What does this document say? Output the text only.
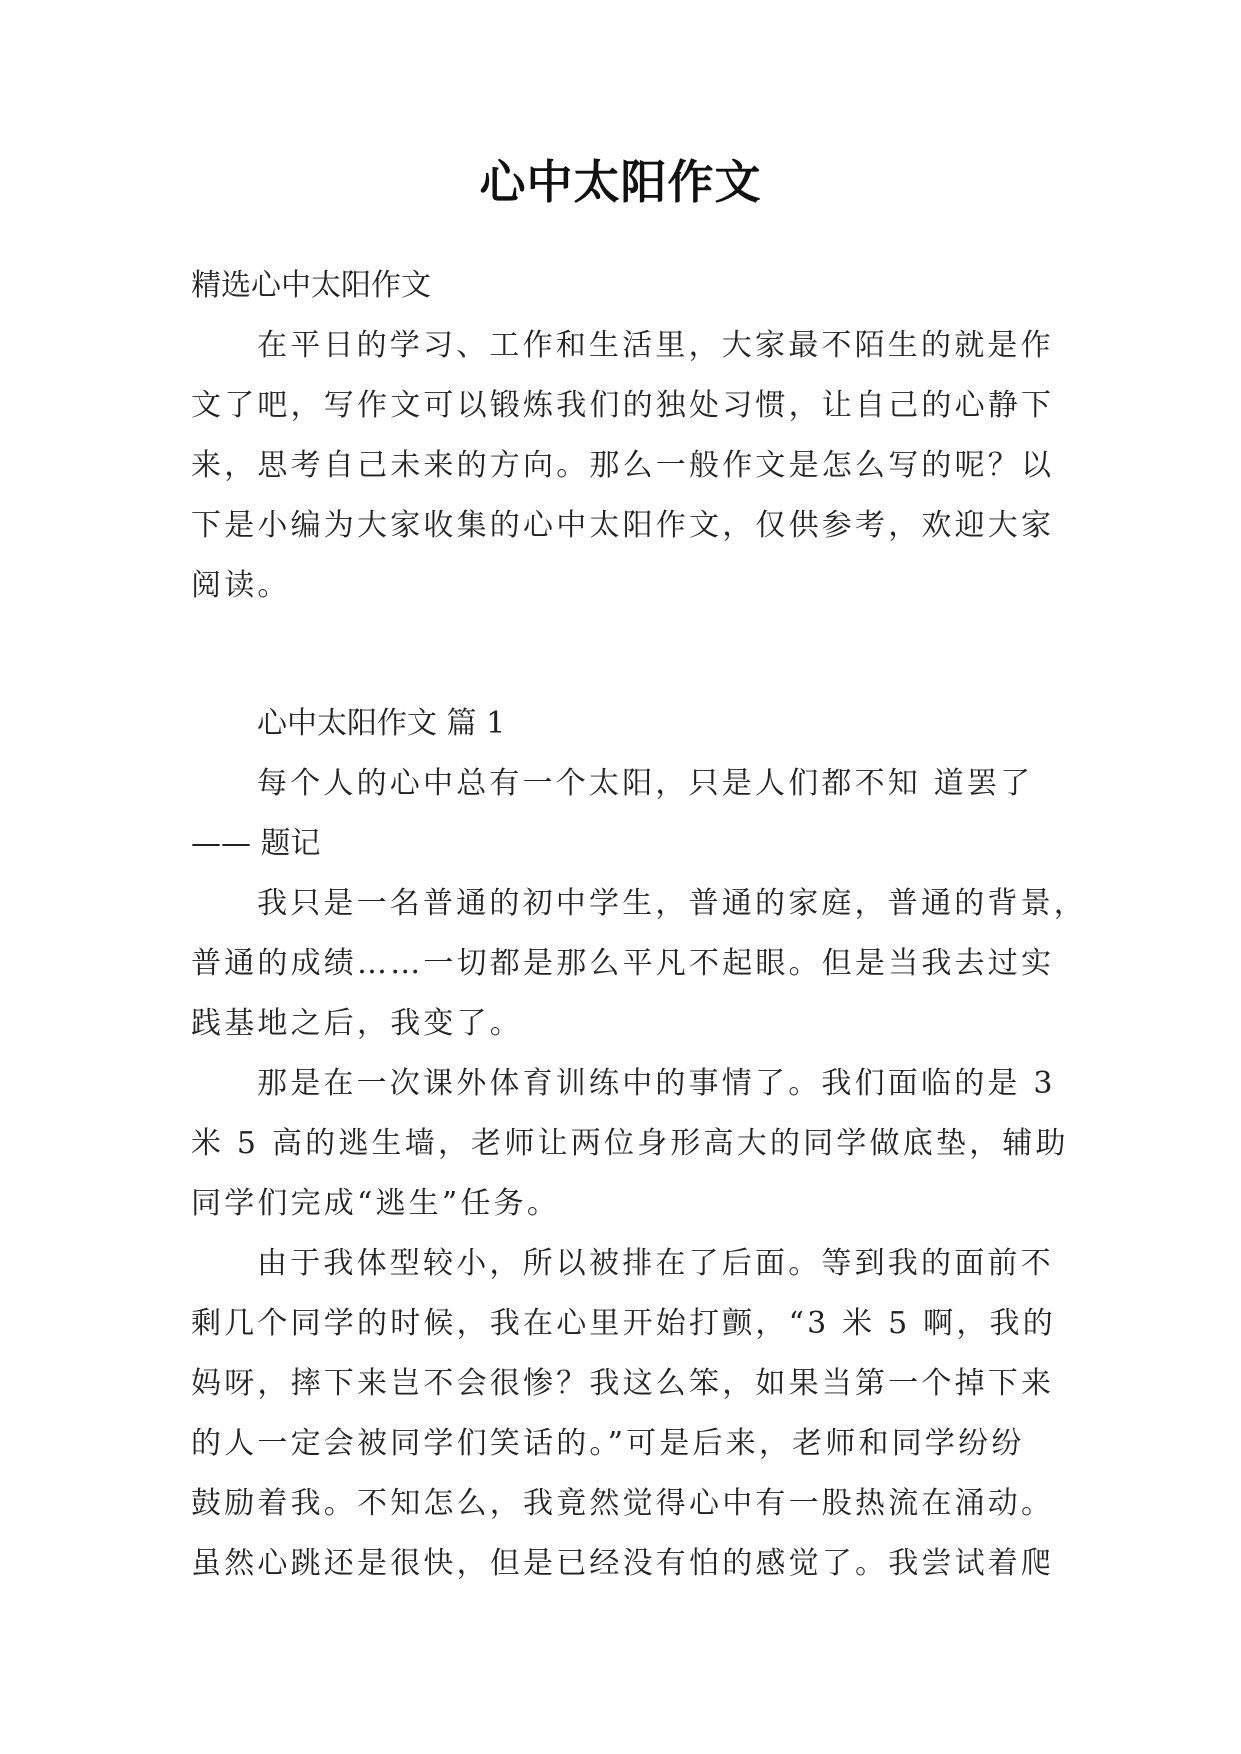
心中太阳作文
精选心中太阳作文
在平日的学习、工作和生活里，大家最不陌生的就是作
文了吧，写作文可以锻炼我们的独处习惯，让自己的心静下
来，思考自己未来的方向。那么一般作文是怎么写的呢？以
下是小编为大家收集的心中太阳作文，仅供参考，欢迎大家
阅读。
心中太阳作文 篇 1
每个人的心中总有一个太阳，只是人们都不知 道罢了
—— 题记
我只是一名普通的初中学生，普通的家庭，普通的背景，
普通的成绩……一切都是那么平凡不起眼。但是当我去过实
践基地之后，我变了。
那是在一次课外体育训练中的事情了。我们面临的是 3
米 5 高的逃生墙，老师让两位身形高大的同学做底垫，辅助
同学们完成“逃生”任务。
由于我体型较小，所以被排在了后面。等到我的面前不
剩几个同学的时候，我在心里开始打颤，“3 米 5 啊，我的
妈呀，摔下来岂不会很惨？我这么笨，如果当第一个掉下来
的人一定会被同学们笑话的。”可是后来，老师和同学纷纷
鼓励着我。不知怎么，我竟然觉得心中有一股热流在涌动。
虽然心跳还是很快，但是已经没有怕的感觉了。我尝试着爬
